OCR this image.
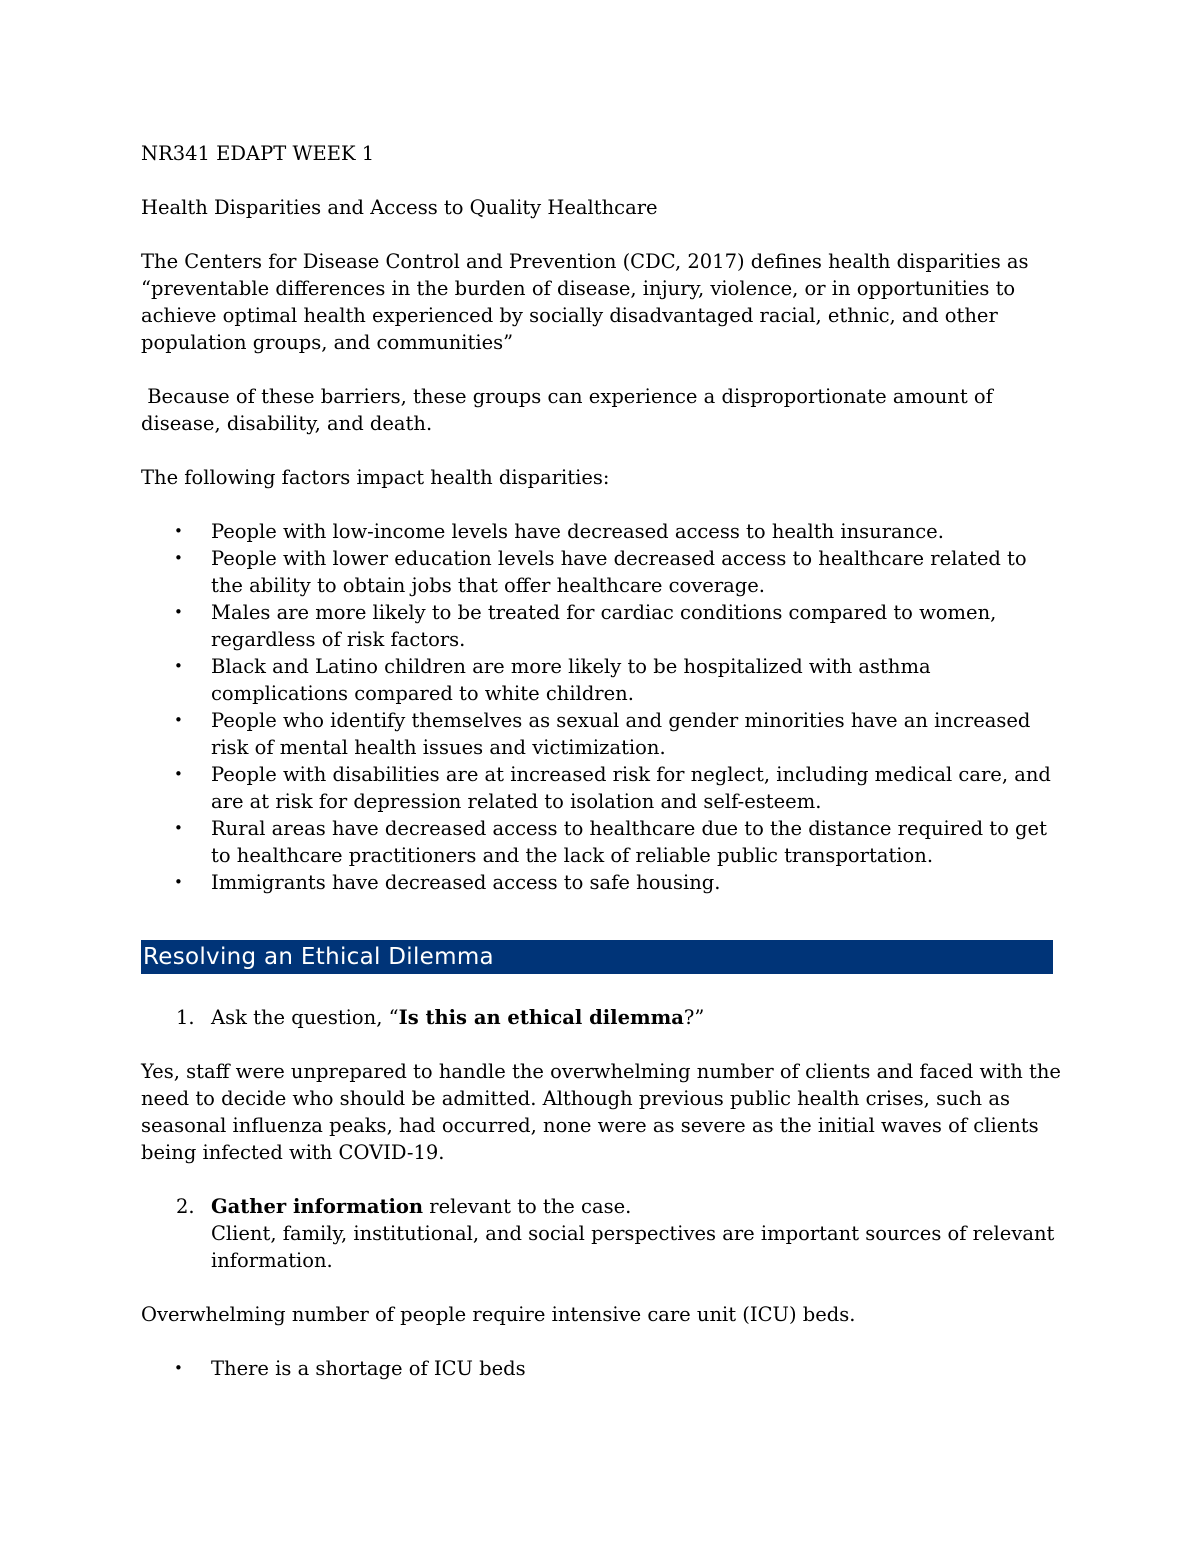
NR341 EDAPT WEEK 1

Health Disparities and Access to Quality Healthcare

The Centers for Disease Control and Prevention (CDC, 2017) defines health disparities as “preventable differences in the burden of disease, injury, violence, or in opportunities to achieve optimal health experienced by socially disadvantaged racial, ethnic, and other population groups, and communities”

Because of these barriers, these groups can experience a disproportionate amount of disease, disability, and death.

The following factors impact health disparities:

• People with low-income levels have decreased access to health insurance.
• People with lower education levels have decreased access to healthcare related to the ability to obtain jobs that offer healthcare coverage.
• Males are more likely to be treated for cardiac conditions compared to women, regardless of risk factors.
• Black and Latino children are more likely to be hospitalized with asthma complications compared to white children.
• People who identify themselves as sexual and gender minorities have an increased risk of mental health issues and victimization.
• People with disabilities are at increased risk for neglect, including medical care, and are at risk for depression related to isolation and self-esteem.
• Rural areas have decreased access to healthcare due to the distance required to get to healthcare practitioners and the lack of reliable public transportation.
• Immigrants have decreased access to safe housing.
Resolving an Ethical Dilemma
1. Ask the question, “Is this an ethical dilemma?”

Yes, staff were unprepared to handle the overwhelming number of clients and faced with the need to decide who should be admitted. Although previous public health crises, such as seasonal influenza peaks, had occurred, none were as severe as the initial waves of clients being infected with COVID-19.

2. Gather information relevant to the case.
Client, family, institutional, and social perspectives are important sources of relevant information.

Overwhelming number of people require intensive care unit (ICU) beds.

• There is a shortage of ICU beds
